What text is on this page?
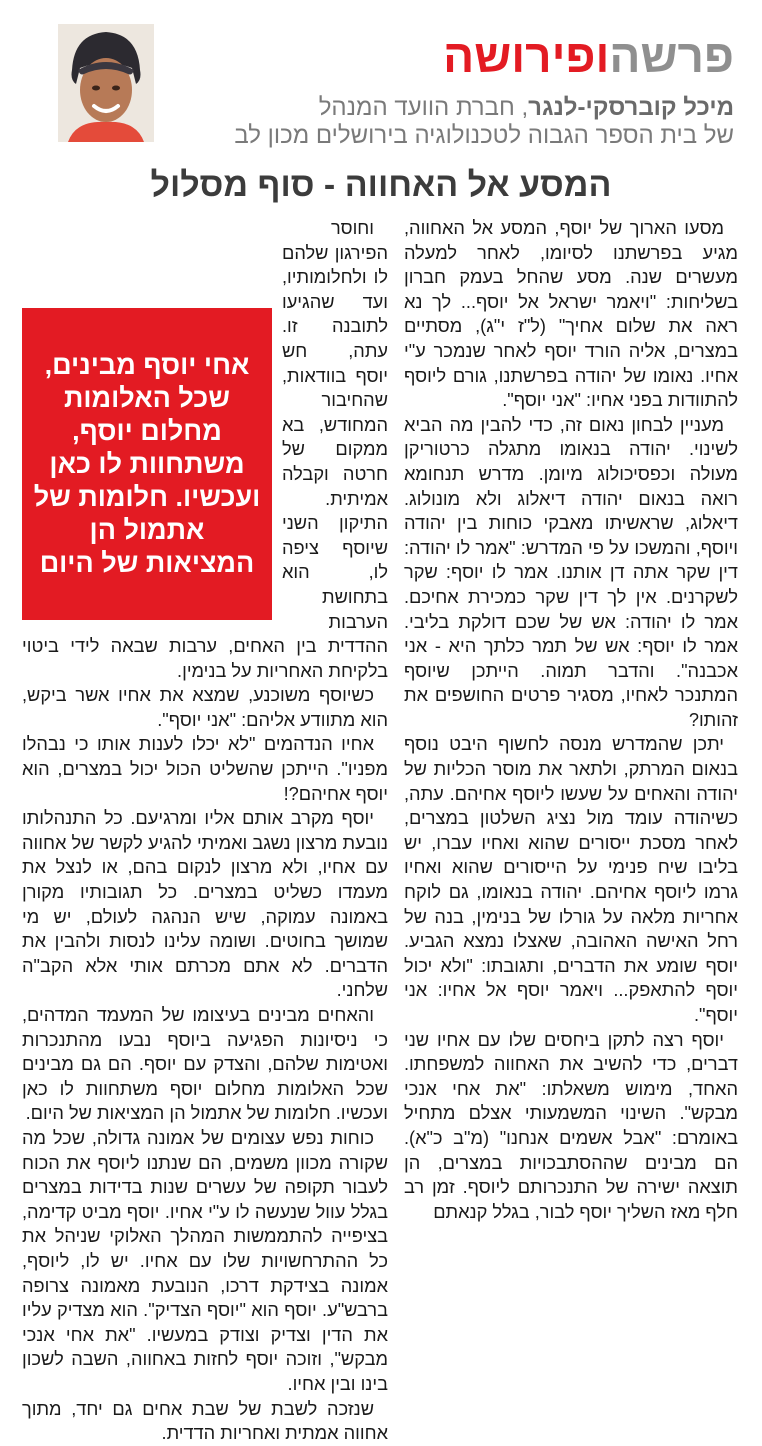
פרשהופירושה
מיכל קוברסקי-לנגר, חברת הוועד המנהל
של בית הספר הגבוה לטכנולוגיה בירושלים מכון לב
המסע אל האחווה - סוף מסלול

מסעו הארוך של יוסף, המסע אל האחווה, מגיע בפרשתנו לסיומו, לאחר למעלה מעשרים שנה. מסע שהחל בעמק חברון בשליחות: "ויאמר ישראל אל יוסף... לך נא ראה את שלום אחיך" (ל"ז י"ג), מסתיים במצרים, אליה הורד יוסף לאחר שנמכר ע"י אחיו. נאומו של יהודה בפרשתנו, גורם ליוסף להתוודות בפני אחיו: "אני יוסף".

מעניין לבחון נאום זה, כדי להבין מה הביא לשינוי. יהודה בנאומו מתגלה כרטוריקן מעולה וכפסיכולוג מיומן. מדרש תנחומא רואה בנאום יהודה דיאלוג ולא מונולוג. דיאלוג, שראשיתו מאבקי כוחות בין יהודה ויוסף, והמשכו על פי המדרש: "אמר לו יהודה: דין שקר אתה דן אותנו. אמר לו יוסף: שקר לשקרנים. אין לך דין שקר כמכירת אחיכם. אמר לו יהודה: אש של שכם דולקת בליבי. אמר לו יוסף: אש של תמר כלתך היא - אני אכבנה". והדבר תמוה. הייתכן שיוסף המתנכר לאחיו, מסגיר פרטים החושפים את זהותו?

יתכן שהמדרש מנסה לחשוף היבט נוסף בנאום המרתק, ולתאר את מוסר הכליות של יהודה והאחים על שעשו ליוסף אחיהם. עתה, כשיהודה עומד מול נציג השלטון במצרים, לאחר מסכת ייסורים שהוא ואחיו עברו, יש בליבו שיח פנימי על הייסורים שהוא ואחיו גרמו ליוסף אחיהם. יהודה בנאומו, גם לוקח אחריות מלאה על גורלו של בנימין, בנה של רחל האישה האהובה, שאצלו נמצא הגביע. יוסף שומע את הדברים, ותגובתו: "ולא יכול יוסף להתאפק... ויאמר יוסף אל אחיו: אני יוסף".

יוסף רצה לתקן ביחסים שלו עם אחיו שני דברים, כדי להשיב את האחווה למשפחתו. האחד, מימוש משאלתו: "את אחי אנכי מבקש". השינוי המשמעותי אצלם מתחיל באומרם: "אבל אשמים אנחנו" (מ"ב כ"א). הם מבינים שההסתבכויות במצרים, הן תוצאה ישירה של התנכרותם ליוסף. זמן רב חלף מאז השליך יוסף לבור, בגלל קנאתם

אחי יוסף מבינים, שכל האלומות מחלום יוסף, משתחוות לו כאן ועכשיו. חלומות של אתמול הן המציאות של היום

וחוסר הפירגון שלהם לו ולחלומותיו, ועד שהגיעו לתובנה זו. עתה, חש יוסף בוודאות, שהחיבור המחודש, בא ממקום של חרטה וקבלה אמיתית. התיקון השני שיוסף ציפה לו, הוא בתחושת הערבות ההדדית בין האחים, ערבות שבאה לידי ביטוי בלקיחת האחריות על בנימין.

כשיוסף משוכנע, שמצא את אחיו אשר ביקש, הוא מתוודע אליהם: "אני יוסף".

אחיו הנדהמים "לא יכלו לענות אותו כי נבהלו מפניו". הייתכן שהשליט הכול יכול במצרים, הוא יוסף אחיהם?!

יוסף מקרב אותם אליו ומרגיעם. כל התנהלותו נובעת מרצון נשגב ואמיתי להגיע לקשר של אחווה עם אחיו, ולא מרצון לנקום בהם, או לנצל את מעמדו כשליט במצרים. כל תגובותיו מקורן באמונה עמוקה, שיש הנהגה לעולם, יש מי שמושך בחוטים. ושומה עלינו לנסות ולהבין את הדברים. לא אתם מכרתם אותי אלא הקב"ה שלחני.

והאחים מבינים בעיצומו של המעמד המדהים, כי ניסיונות הפגיעה ביוסף נבעו מהתנכרות ואטימות שלהם, והצדק עם יוסף. הם גם מבינים שכל האלומות מחלום יוסף משתחוות לו כאן ועכשיו. חלומות של אתמול הן המציאות של היום.

כוחות נפש עצומים של אמונה גדולה, שכל מה שקורה מכוון משמים, הם שנתנו ליוסף את הכוח לעבור תקופה של עשרים שנות בדידות במצרים בגלל עוול שנעשה לו ע"י אחיו. יוסף מביט קדימה, בציפייה להתממשות המהלך האלוקי שניהל את כל ההתרחשויות שלו עם אחיו. יש לו, ליוסף, אמונה בצידקת דרכו, הנובעת מאמונה צרופה ברבש"ע. יוסף הוא "יוסף הצדיק". הוא מצדיק עליו את הדין וצדיק וצודק במעשיו. "את אחי אנכי מבקש", וזוכה יוסף לחזות באחווה, השבה לשכון בינו ובין אחיו.

שנזכה לשבת של שבת אחים גם יחד, מתוך אחווה אמתית ואחריות הדדית.
